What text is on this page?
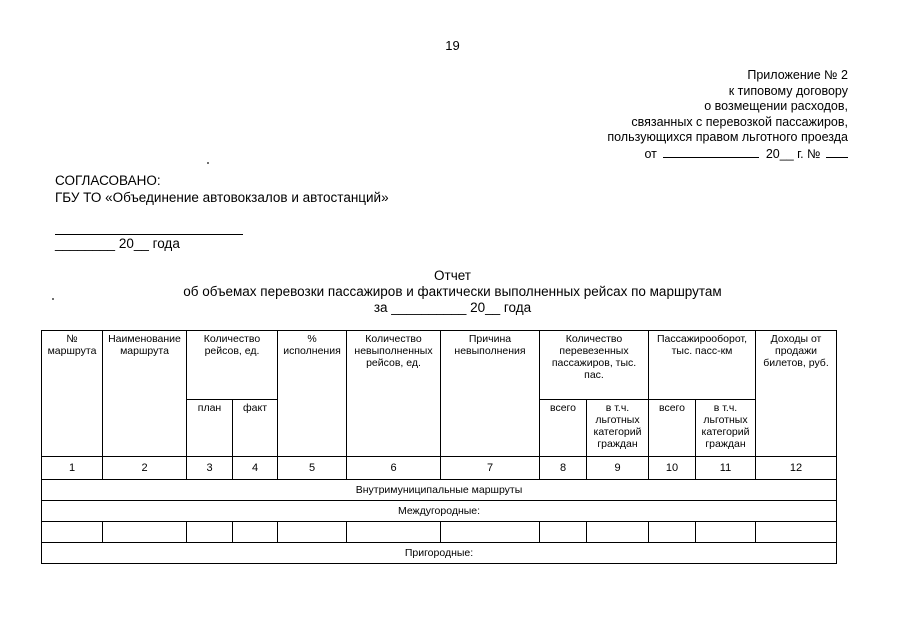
19
Приложение № 2
к типовому договору
о возмещении расходов,
связанных с перевозкой пассажиров,
пользующихся правом льготного проезда
от	20__ г. №
СОГЛАСОВАНО:
ГБУ ТО «Объединение автовокзалов и автостанций»
________ 20__ года
Отчет
об объемах перевозки пассажиров и фактически выполненных рейсах по маршрутам
за __________ 20__ года
№ маршрута	Наименование маршрута	Количество рейсов, ед.		% исполнения	Количество невыполненных рейсов, ед.	Причина невыполнения	Количество перевезенных пассажиров, тыс. пас.		Пассажирооборот, тыс. пасс-км		Доходы от продажи билетов, руб.
		план	факт				всего	в т.ч. льготных категорий граждан	всего	в т.ч. льготных категорий граждан	
1	2	3	4	5	6	7	8	9	10	11	12
Внутримуниципальные маршруты											
Междугородные:											

Пригородные:											
